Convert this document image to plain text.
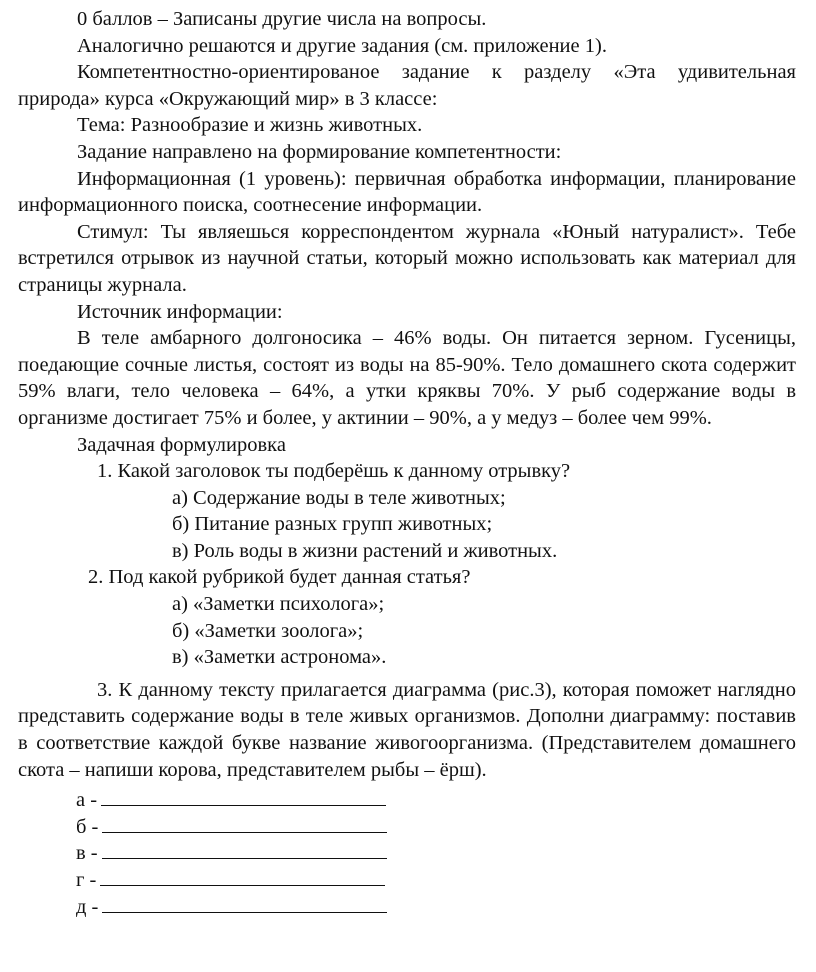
0 баллов – Записаны другие числа на вопросы.

Аналогично решаются и другие задания (см. приложение 1).

Компетентностно-ориентированое задание к разделу «Эта удивительная природа» курса «Окружающий мир» в 3 классе:

Тема: Разнообразие и жизнь животных.

Задание направлено на формирование компетентности:

Информационная (1 уровень): первичная обработка информации, планирование информационного поиска, соотнесение информации.

Стимул: Ты являешься корреспондентом журнала «Юный натуралист». Тебе встретился отрывок из научной статьи, который можно использовать как материал для страницы журнала.

Источник информации:

В теле амбарного долгоносика – 46% воды. Он питается зерном. Гусеницы, поедающие сочные листья, состоят из воды на 85-90%. Тело домашнего скота содержит 59% влаги, тело человека – 64%, а утки кряквы 70%. У рыб содержание воды в организме достигает 75% и более, у актинии – 90%, а у медуз – более чем 99%.

Задачная формулировка

1. Какой заголовок ты подберёшь к данному отрывку?

а) Содержание воды в теле животных;

б) Питание разных групп животных;

в) Роль воды в жизни растений и животных.

2. Под какой рубрикой будет данная статья?

а) «Заметки психолога»;

б) «Заметки зоолога»;

в) «Заметки астронома».

3. К данному тексту прилагается диаграмма (рис.3), которая поможет наглядно представить содержание воды в теле живых организмов. Дополни диаграмму: поставив в соответствие каждой букве название живогоорганизма. (Представителем домашнего скота – напиши корова, представителем рыбы – ёрш).

а -

б -

в -

г -

д -
